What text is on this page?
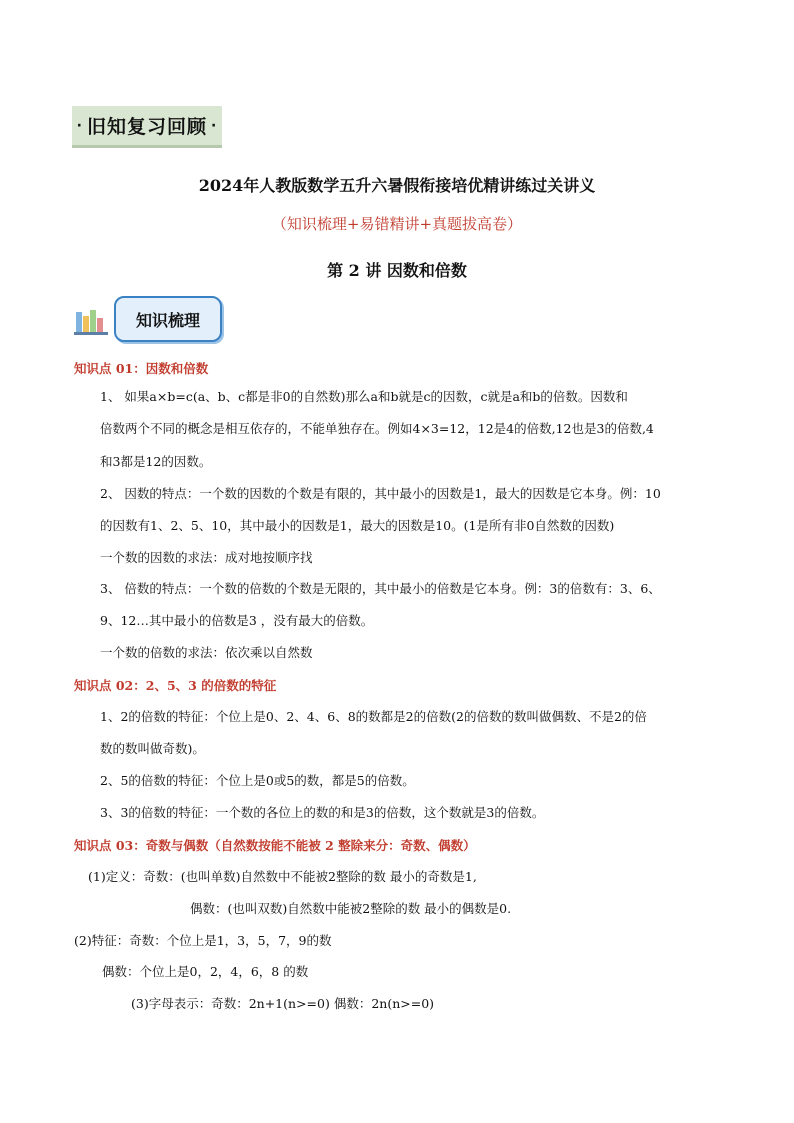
· 旧知复习回顾 ·
2024年人教版数学五升六暑假衔接培优精讲练过关讲义
（知识梳理+易错精讲+真题拔高卷）
第 2 讲 因数和倍数
知识梳理
知识点 01：因数和倍数
1、 如果a×b=c(a、b、c都是非0的自然数)那么a和b就是c的因数，c就是a和b的倍数。因数和
倍数两个不同的概念是相互依存的，不能单独存在。例如4×3=12，12是4的倍数,12也是3的倍数,4
和3都是12的因数。
2、 因数的特点：一个数的因数的个数是有限的，其中最小的因数是1，最大的因数是它本身。例：10
的因数有1、2、5、10，其中最小的因数是1，最大的因数是10。(1是所有非0自然数的因数)
一个数的因数的求法：成对地按顺序找
3、 倍数的特点：一个数的倍数的个数是无限的，其中最小的倍数是它本身。例：3的倍数有：3、6、
9、12…其中最小的倍数是3 ，没有最大的倍数。
一个数的倍数的求法：依次乘以自然数
知识点 02：2、5、3 的倍数的特征
1、2的倍数的特征：个位上是0、2、4、6、8的数都是2的倍数(2的倍数的数叫做偶数、不是2的倍
数的数叫做奇数)。
2、5的倍数的特征：个位上是0或5的数，都是5的倍数。
3、3的倍数的特征：一个数的各位上的数的和是3的倍数，这个数就是3的倍数。
知识点 03：奇数与偶数（自然数按能不能被 2 整除来分：奇数、偶数）
(1)定义：奇数：(也叫单数)自然数中不能被2整除的数 最小的奇数是1,
偶数：(也叫双数)自然数中能被2整除的数 最小的偶数是0.
(2)特征：奇数：个位上是1，3，5，7，9的数
偶数：个位上是0，2，4，6，8 的数
(3)字母表示：奇数：2n+1(n>=0) 偶数：2n(n>=0)
